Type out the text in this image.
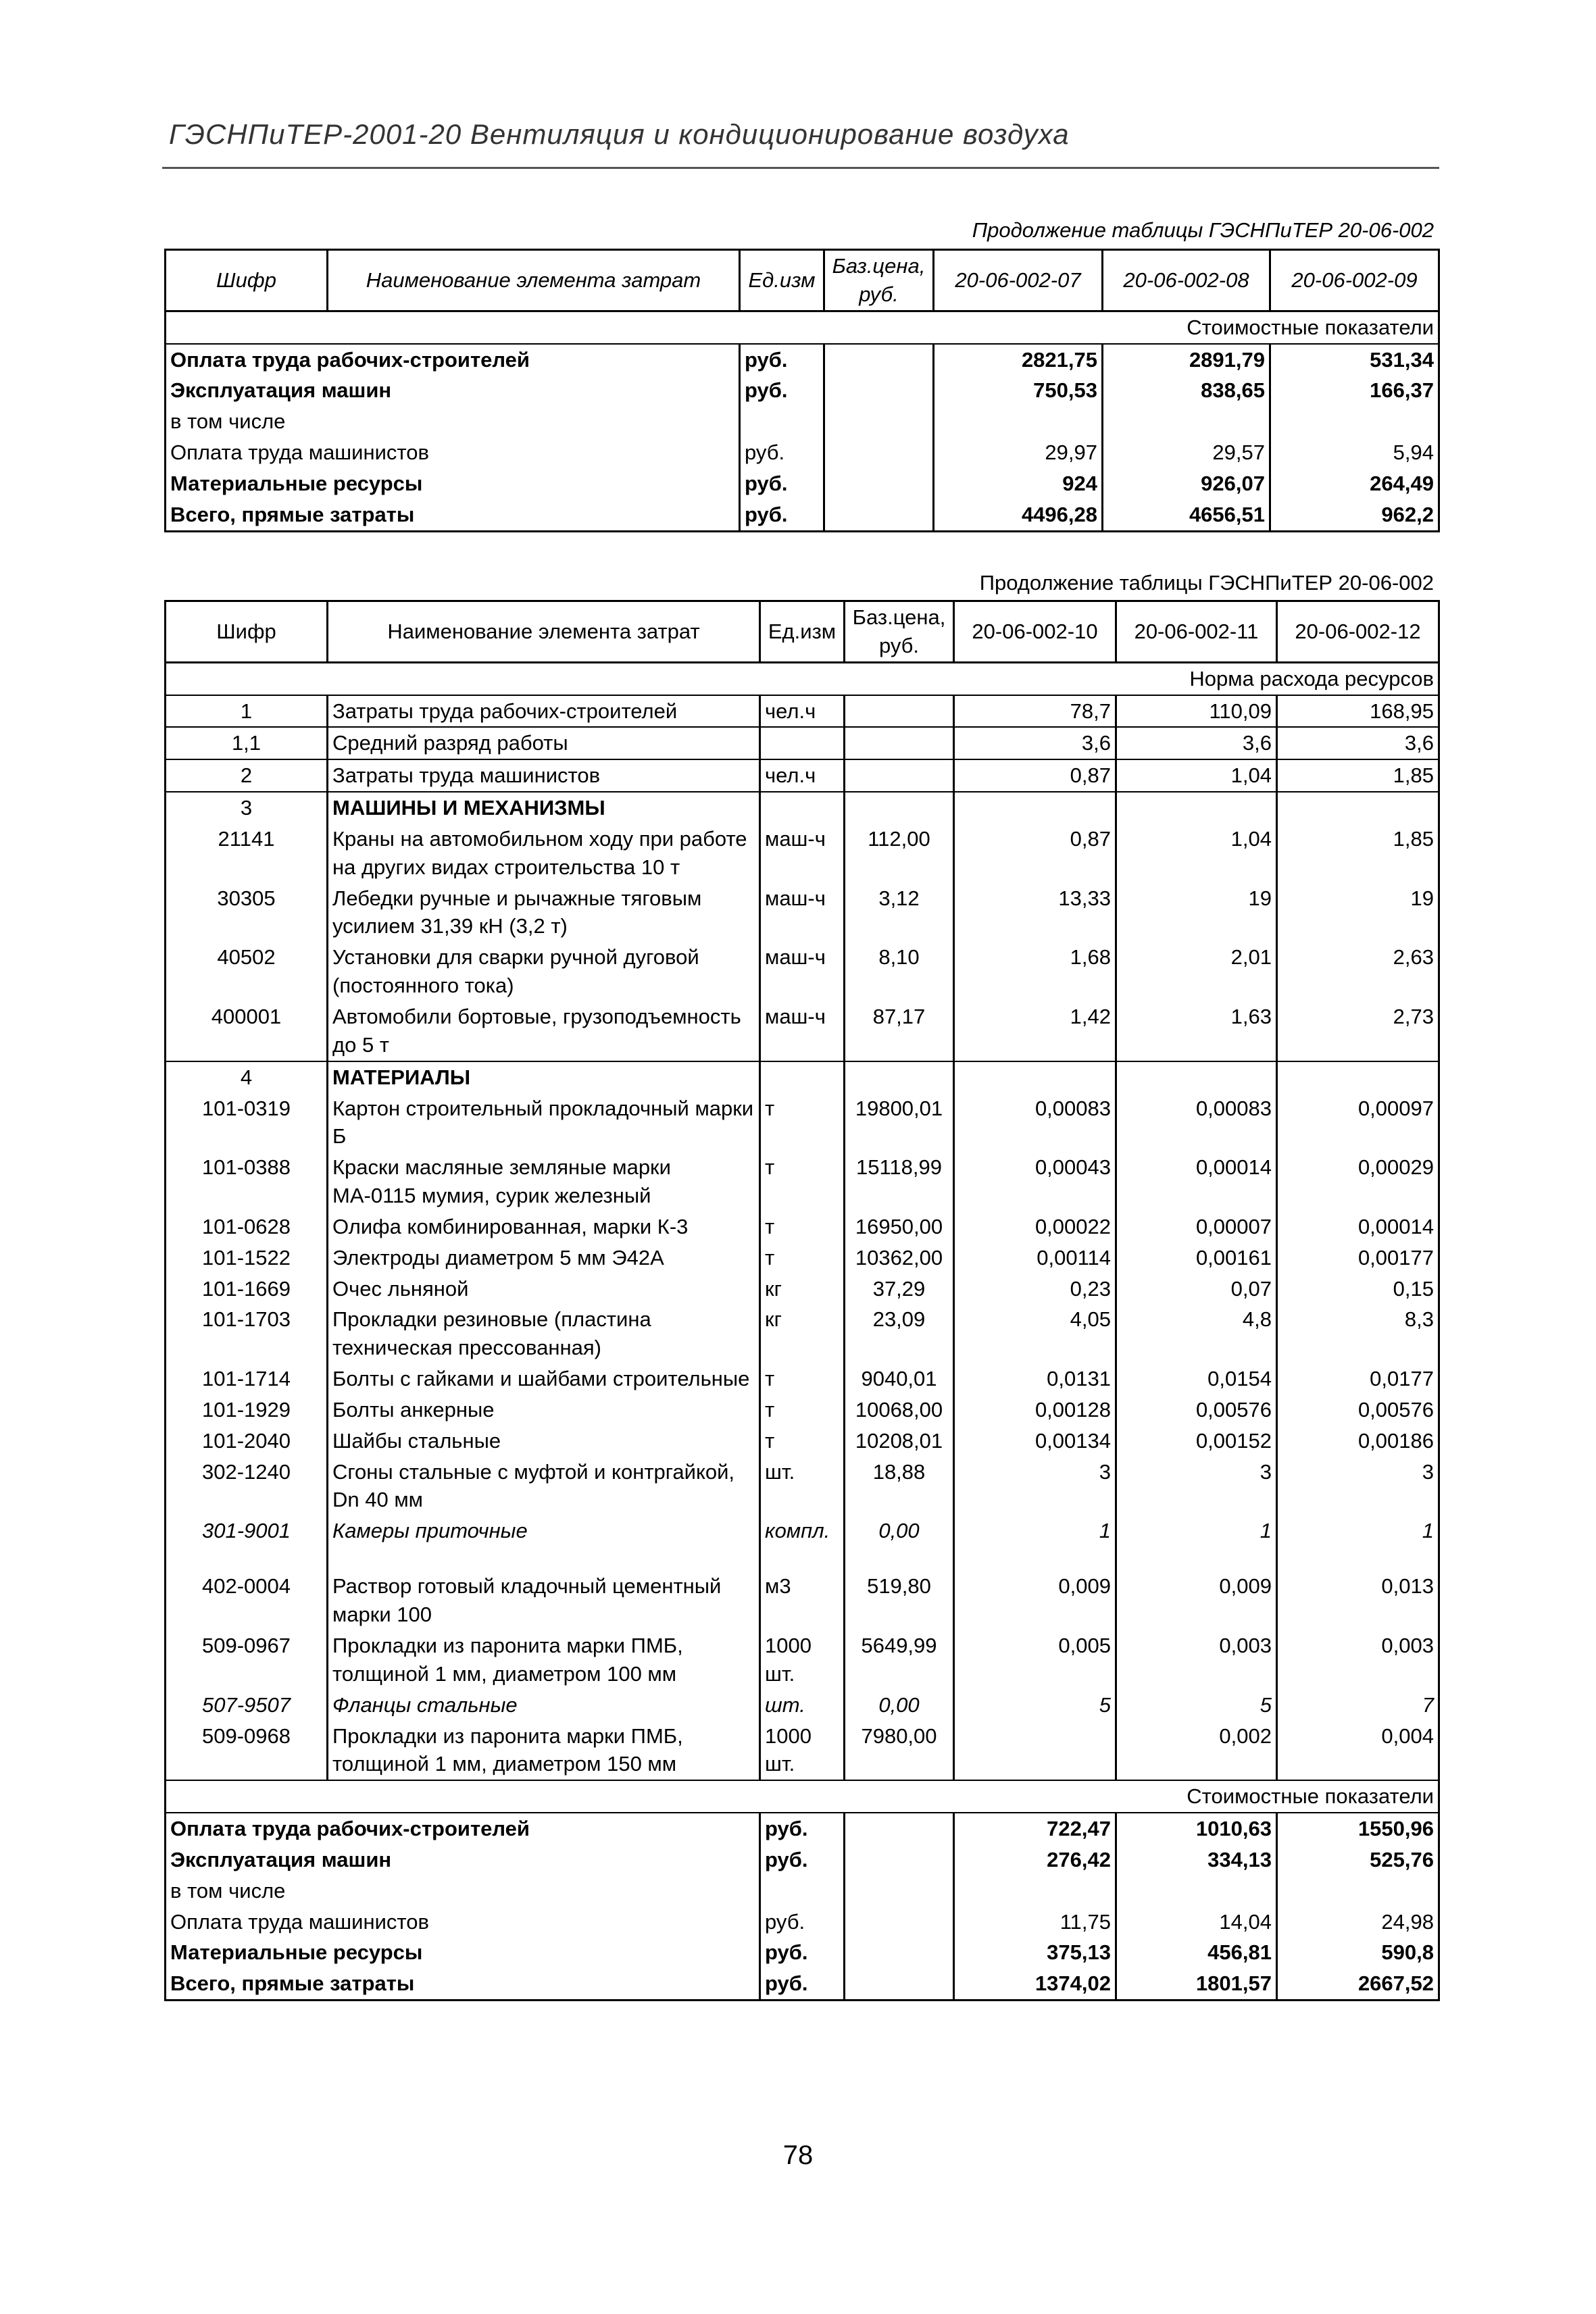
ГЭСНПиТЕР-2001-20 Вентиляция и кондиционирование воздуха
Продолжение таблицы ГЭСНПиТЕР 20-06-002
Шифр	Наименование элемента затрат	Ед.изм	Баз.цена, руб.	20-06-002-07	20-06-002-08	20-06-002-09
Стоимостные показатели						
Оплата труда рабочих-строителей		руб.		2821,75	2891,79	531,34
Эксплуатация машин		руб.		750,53	838,65	166,37
в том числе						
Оплата труда машинистов		руб.		29,97	29,57	5,94
Материальные ресурсы		руб.		924	926,07	264,49
Всего, прямые затраты		руб.		4496,28	4656,51	962,2
Продолжение таблицы ГЭСНПиТЕР 20-06-002
Шифр	Наименование элемента затрат	Ед.изм	Баз.цена, руб.	20-06-002-10	20-06-002-11	20-06-002-12
Норма расхода ресурсов						
1	Затраты труда рабочих-строителей	чел.ч		78,7	110,09	168,95
1,1	Средний разряд работы			3,6	3,6	3,6
2	Затраты труда машинистов	чел.ч		0,87	1,04	1,85
3	МАШИНЫ И МЕХАНИЗМЫ					
21141	Краны на автомобильном ходу при работе на других видах строительства 10 т	маш-ч	112,00	0,87	1,04	1,85
30305	Лебедки ручные и рычажные тяговым усилием 31,39 кН (3,2 т)	маш-ч	3,12	13,33	19	19
40502	Установки для сварки ручной дуговой (постоянного тока)	маш-ч	8,10	1,68	2,01	2,63
400001	Автомобили бортовые, грузоподъемность до 5 т	маш-ч	87,17	1,42	1,63	2,73
4	МАТЕРИАЛЫ					
101-0319	Картон строительный прокладочный марки Б	т	19800,01	0,00083	0,00083	0,00097
101-0388	Краски масляные земляные марки МА-0115 мумия, сурик железный	т	15118,99	0,00043	0,00014	0,00029
101-0628	Олифа комбинированная, марки К-3	т	16950,00	0,00022	0,00007	0,00014
101-1522	Электроды диаметром 5 мм Э42А	т	10362,00	0,00114	0,00161	0,00177
101-1669	Очес льняной	кг	37,29	0,23	0,07	0,15
101-1703	Прокладки резиновые (пластина техническая прессованная)	кг	23,09	4,05	4,8	8,3
101-1714	Болты с гайками и шайбами строительные	т	9040,01	0,0131	0,0154	0,0177
101-1929	Болты анкерные	т	10068,00	0,00128	0,00576	0,00576
101-2040	Шайбы стальные	т	10208,01	0,00134	0,00152	0,00186
302-1240	Сгоны стальные с муфтой и контргайкой, Dn 40 мм	шт.	18,88	3	3	3
301-9001	Камеры приточные	компл.	0,00	1	1	1
402-0004	Раствор готовый кладочный цементный марки 100	м3	519,80	0,009	0,009	0,013
509-0967	Прокладки из паронита марки ПМБ, толщиной 1 мм, диаметром 100 мм	1000 шт.	5649,99	0,005	0,003	0,003
507-9507	Фланцы стальные	шт.	0,00	5	5	7
509-0968	Прокладки из паронита марки ПМБ, толщиной 1 мм, диаметром 150 мм	1000 шт.	7980,00		0,002	0,004
Стоимостные показатели						
Оплата труда рабочих-строителей		руб.		722,47	1010,63	1550,96
Эксплуатация машин		руб.		276,42	334,13	525,76
в том числе						
Оплата труда машинистов		руб.		11,75	14,04	24,98
Материальные ресурсы		руб.		375,13	456,81	590,8
Всего, прямые затраты		руб.		1374,02	1801,57	2667,52
78
